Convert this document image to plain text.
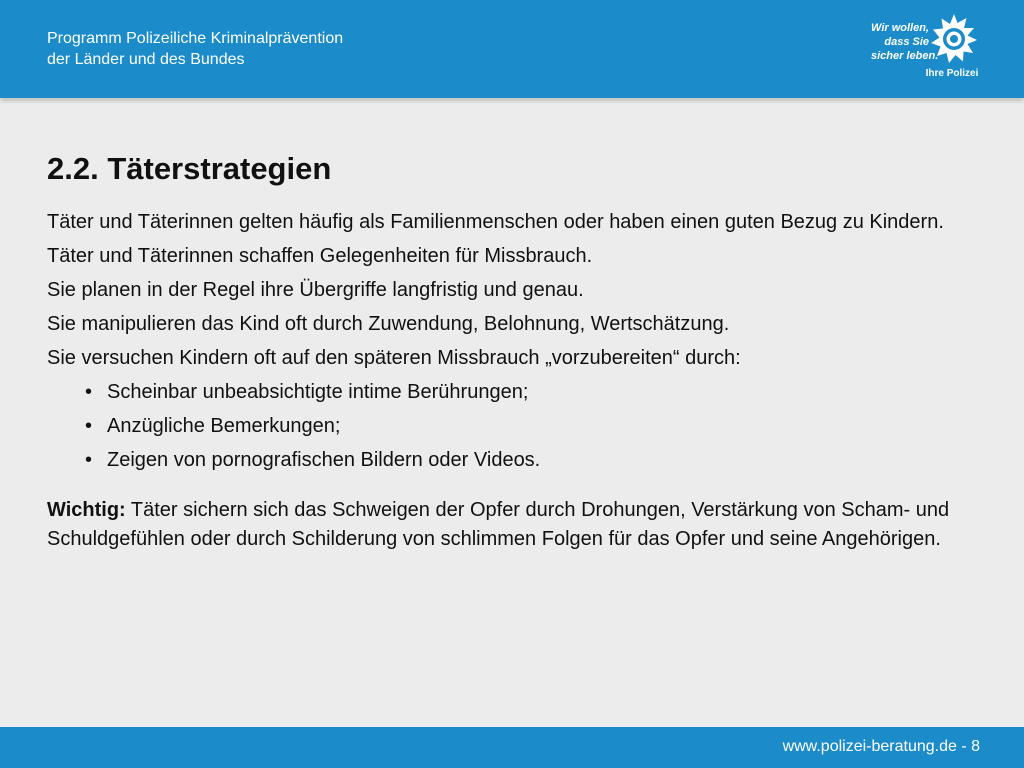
Programm Polizeiliche Kriminalprävention
der Länder und des Bundes
Wir wollen,
dass Sie
sicher leben.
Ihre Polizei
2.2. Täterstrategien

Täter und Täterinnen gelten häufig als Familienmenschen oder haben einen guten Bezug zu Kindern.

Täter und Täterinnen schaffen Gelegenheiten für Missbrauch.

Sie planen in der Regel ihre Übergriffe langfristig und genau.

Sie manipulieren das Kind oft durch Zuwendung, Belohnung, Wertschätzung.

Sie versuchen Kindern oft auf den späteren Missbrauch „vorzubereiten“ durch:

• Scheinbar unbeabsichtigte intime Berührungen;
• Anzügliche Bemerkungen;
• Zeigen von pornografischen Bildern oder Videos.

Wichtig: Täter sichern sich das Schweigen der Opfer durch Drohungen, Verstärkung von Scham- und Schuldgefühlen oder durch Schilderung von schlimmen Folgen für das Opfer und seine Angehörigen.

www.polizei-beratung.de - 8
